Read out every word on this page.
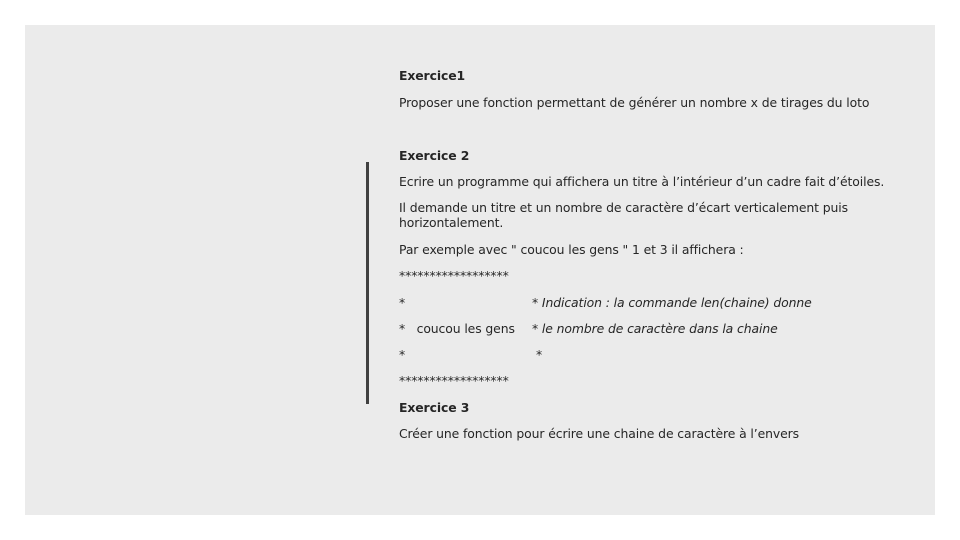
Exercice1
Proposer une fonction permettant de générer un nombre x de tirages du loto
Exercice 2
Ecrire un programme qui affichera un titre à l’intérieur d’un cadre fait d’étoiles.
Il demande un titre et un nombre de caractère d’écart verticalement puis horizontalement.
Par exemple avec " coucou les gens " 1 et 3 il affichera :
******************
*	* Indication : la commande len(chaine) donne
*   coucou les gens * le nombre de caractère dans la chaine
*	*
******************
Exercice 3
Créer une fonction pour écrire une chaine de caractère à l’envers
